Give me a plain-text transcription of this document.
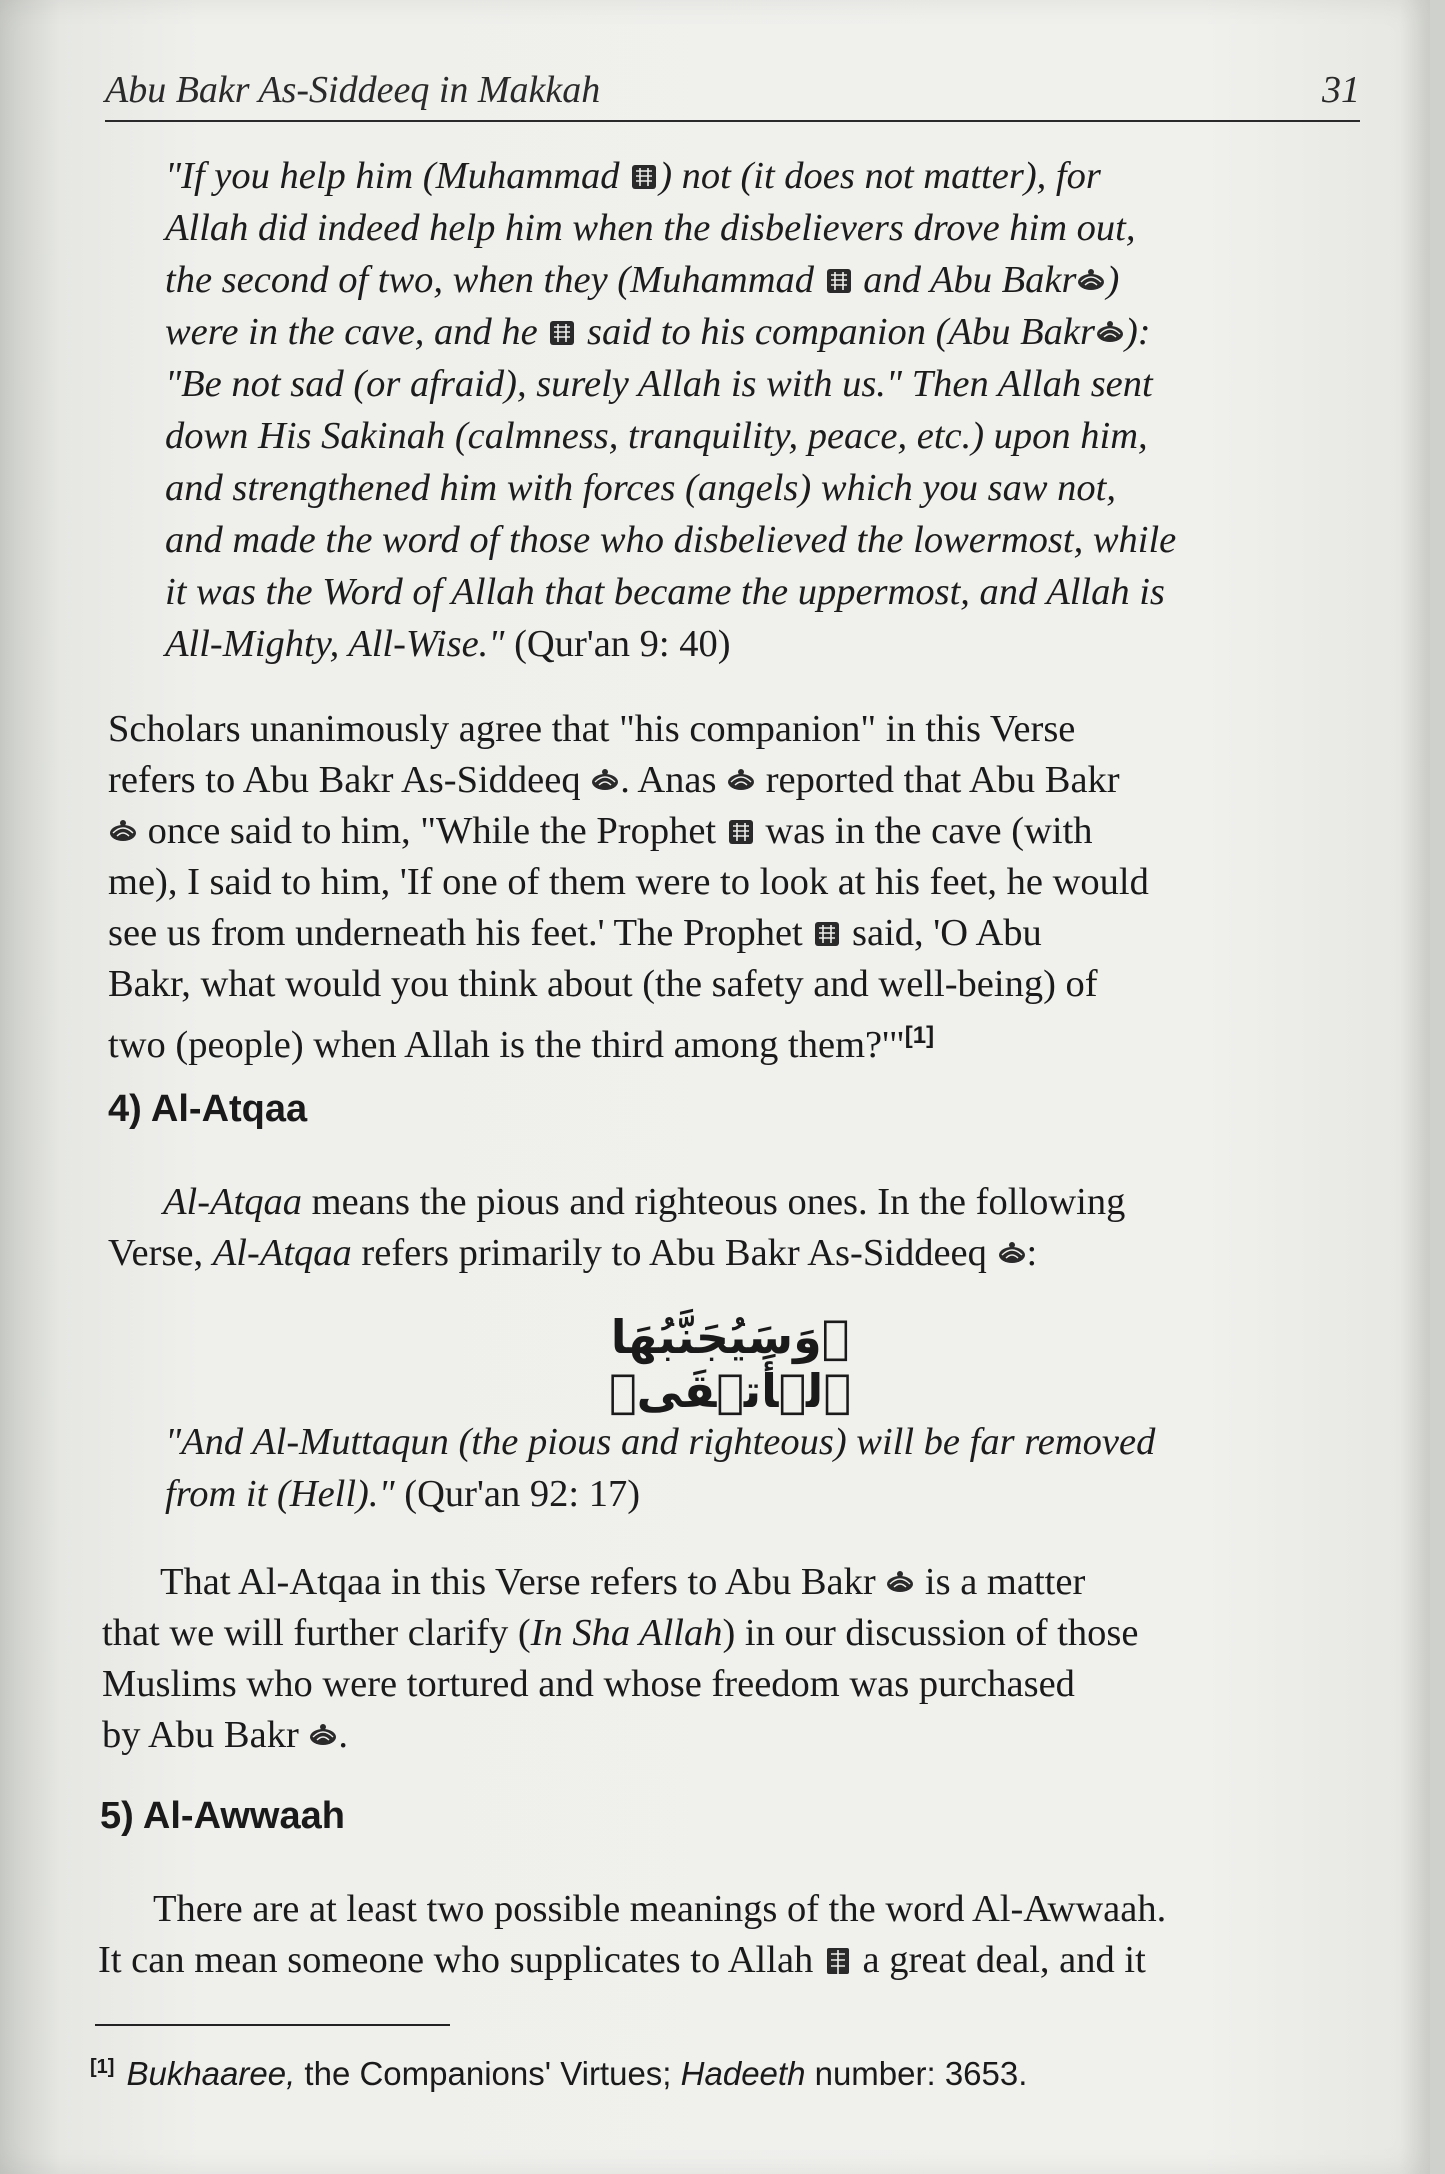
Abu Bakr As-Siddeeq in Makkah	31
"If you help him (Muhammad ) not (it does not matter), for
Allah did indeed help him when the disbelievers drove him out,
the second of two, when they (Muhammad  and Abu Bakr )
were in the cave, and he  said to his companion (Abu Bakr ):
"Be not sad (or afraid), surely Allah is with us." Then Allah sent
down His Sakinah (calmness, tranquility, peace, etc.) upon him,
and strengthened him with forces (angels) which you saw not,
and made the word of those who disbelieved the lowermost, while
it was the Word of Allah that became the uppermost, and Allah is
All-Mighty, All-Wise." (Qur'an 9: 40)
Scholars unanimously agree that "his companion" in this Verse
refers to Abu Bakr As-Siddeeq . Anas  reported that Abu Bakr
once said to him, "While the Prophet  was in the cave (with
me), I said to him, 'If one of them were to look at his feet, he would
see us from underneath his feet.' The Prophet  said, 'O Abu
Bakr, what would you think about (the safety and well-being) of
two (people) when Allah is the third among them?'"[1]
4) Al-Atqaa
Al-Atqaa means the pious and righteous ones. In the following
Verse, Al-Atqaa refers primarily to Abu Bakr As-Siddeeq :
﴿وَسَيُجَنَّبُهَا ٱلۡأَتۡقَى﴾
"And Al-Muttaqun (the pious and righteous) will be far removed
from it (Hell)." (Qur'an 92: 17)
That Al-Atqaa in this Verse refers to Abu Bakr  is a matter
that we will further clarify (In Sha Allah) in our discussion of those
Muslims who were tortured and whose freedom was purchased
by Abu Bakr .
5) Al-Awwaah
There are at least two possible meanings of the word Al-Awwaah.
It can mean someone who supplicates to Allah  a great deal, and it
[1] Bukhaaree, the Companions' Virtues; Hadeeth number: 3653.
